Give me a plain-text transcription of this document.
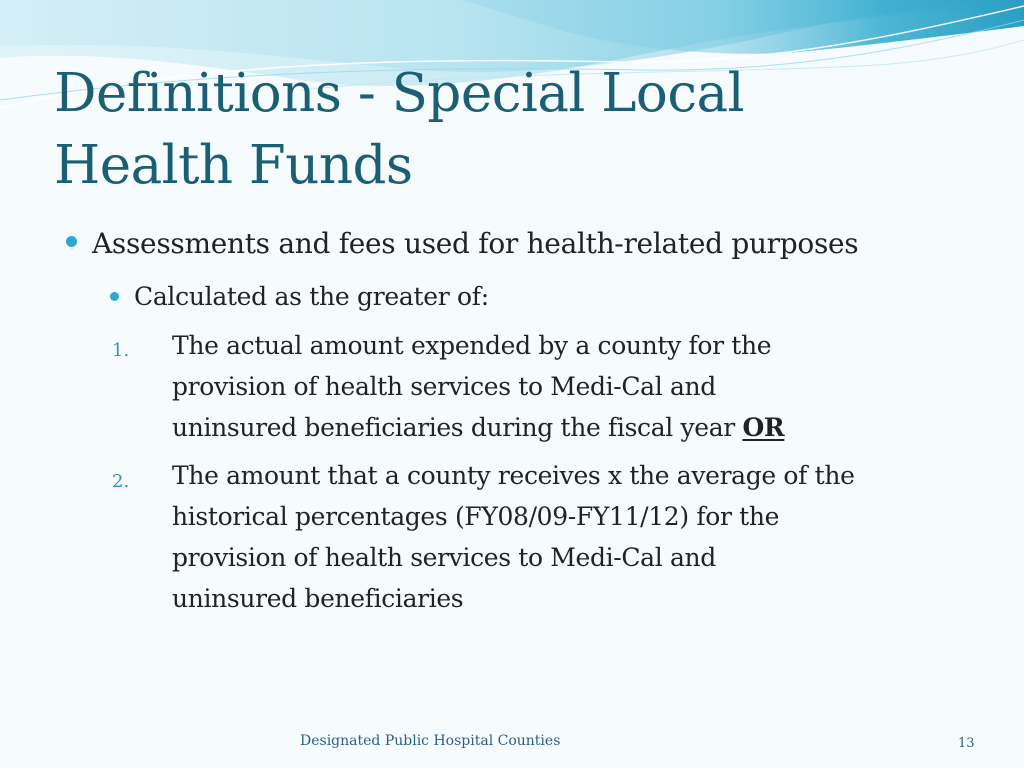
Definitions - Special Local
Health Funds
Assessments and fees used for health-related purposes
Calculated as the greater of:
1. The actual amount expended by a county for the
provision of health services to Medi-Cal and
uninsured beneficiaries during the fiscal year OR
2. The amount that a county receives x the average of the
historical percentages (FY08/09-FY11/12) for the
provision of health services to Medi-Cal and
uninsured beneficiaries
Designated Public Hospital Counties	13
